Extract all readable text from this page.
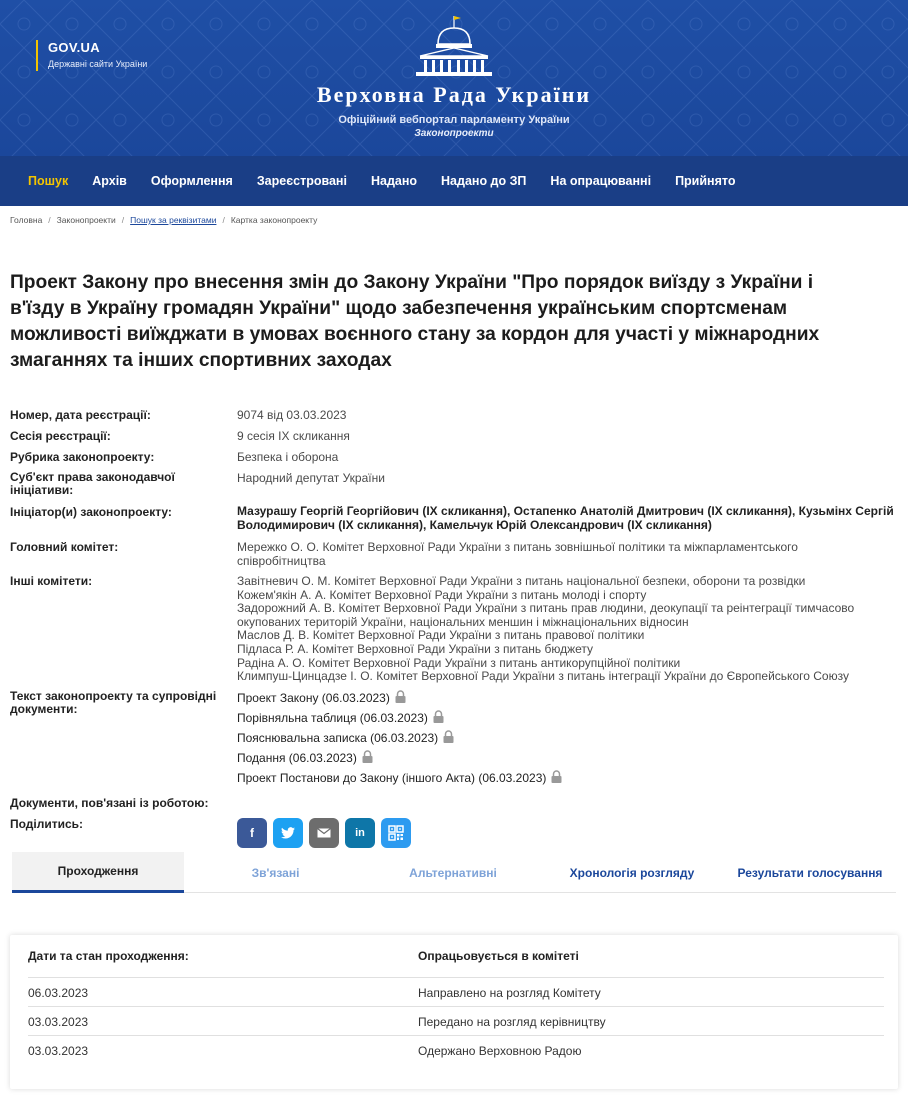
GOV.UA
Державні сайти України
Верховна Рада України
Офіційний вебпортал парламенту України
Законопроекти
Пошук Архів Оформлення Зареєстровані Надано Надано до ЗП На опрацюванні Прийнято
Головна / Законопроекти / Пошук за реквізитами / Картка законопроекту
Проект Закону про внесення змін до Закону України "Про порядок виїзду з України і в'їзду в Україну громадян України" щодо забезпечення українським спортсменам можливості виїжджати в умовах воєнного стану за кордон для участі у міжнародних змаганнях та інших спортивних заходах
Номер, дата реєстрації:	9074 від 03.03.2023
Сесія реєстрації:	9 сесія IX скликання
Рубрика законопроекту:	Безпека і оборона
Суб'єкт права законодавчої ініціативи:
Народний депутат України
Ініціатор(и) законопроекту:	Мазурашу Георгій Георгійович (IX скликання), Остапенко Анатолій Дмитрович (IX скликання), Кузьмінх Сергій Володимирович (IX скликання), Камельчук Юрій Олександрович (IX скликання)
Головний комітет:	Мережко О. О. Комітет Верховної Ради України з питань зовнішньої політики та міжпарламентського співробітництва
Інші комітети:	Завітневич О. М. Комітет Верховної Ради України з питань національної безпеки, оборони та розвідки
Кожем'якін А. А. Комітет Верховної Ради України з питань молоді і спорту
Задорожний А. В. Комітет Верховної Ради України з питань прав людини, деокупації та реінтеграції тимчасово окупованих територій України, національних меншин і міжнаціональних відносин
Маслов Д. В. Комітет Верховної Ради України з питань правової політики
Підласа Р. А. Комітет Верховної Ради України з питань бюджету
Радіна А. О. Комітет Верховної Ради України з питань антикорупційної політики
Климпуш-Цинцадзе І. О. Комітет Верховної Ради України з питань інтеграції України до Європейського Союзу
Текст законопроекту та супровідні документи:
Проект Закону (06.03.2023)
Порівняльна таблиця (06.03.2023)
Пояснювальна записка (06.03.2023)
Подання (06.03.2023)
Проект Постанови до Закону (іншого Акта) (06.03.2023)
Документи, пов'язані із роботою:
Поділитись:
f	in
Проходження	Зв'язані	Альтернативні	Хронологія розгляду	Результати голосування
Дати та стан проходження:	Опрацьовується в комітеті
06.03.2023	Направлено на розгляд Комітету
03.03.2023	Передано на розгляд керівництву
03.03.2023	Одержано Верховною Радою
